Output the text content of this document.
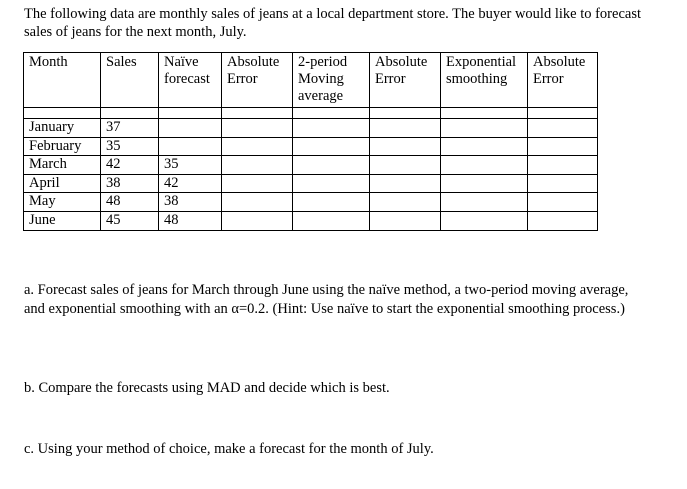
The following data are monthly sales of jeans at a local department store. The buyer would like to forecast sales of jeans for the next month, July.

Month	Sales	Naïve forecast	Absolute Error	2-period Moving average	Absolute Error	Exponential smoothing	Absolute Error

January	37						
February	35						
March	42	35					
April	38	42					
May	48	38					
June	45	48					

a. Forecast sales of jeans for March through June using the naïve method, a two-period moving average, and exponential smoothing with an α=0.2. (Hint: Use naïve to start the exponential smoothing process.)

b. Compare the forecasts using MAD and decide which is best.

c. Using your method of choice, make a forecast for the month of July.
